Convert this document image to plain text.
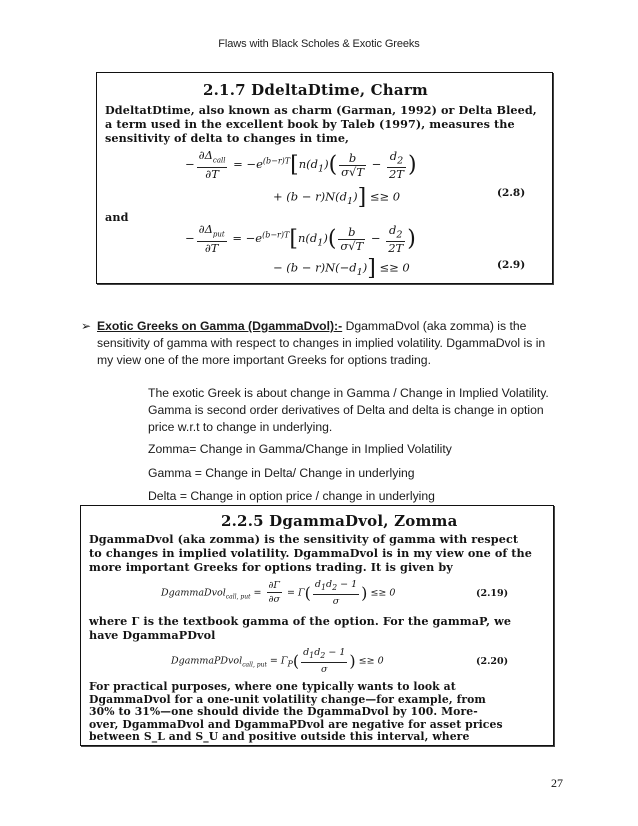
Flaws with Black Scholes & Exotic Greeks
2.1.7 DdeltaDtime, Charm
DdeltatDtime, also known as charm (Garman, 1992) or Delta Bleed,
a term used in the excellent book by Taleb (1997), measures the
sensitivity of delta to changes in time,
− $\frac{\partial\Delta_{call}}{\partial T} = -e^{(b-r)T}[n(d_1)( \frac{b}{\sigma√T} - \frac{d_2}{2T}$ )
+ $(b - r)N(d_1)] \le\ge 0$	(2.8)
and
− $\frac{\partial\Delta_{put}}{\partial T} = -e^{(b-r)T}[n(d_1)( \frac{b}{\sigma√T} - \frac{d_2}{2T}$ )
− $(b - r)N(-d_1)] \le\ge 0$	(2.9)
➢ Exotic Greeks on Gamma (DgammaDvol):- DgammaDvol (aka zomma) is the sensitivity of gamma with respect to changes in implied volatility. DgammaDvol is in my view one of the more important Greeks for options trading.
The exotic Greek is about change in Gamma / Change in Implied Volatility. Gamma is second order derivatives of Delta and delta is change in option price w.r.t to change in underlying.
Zomma= Change in Gamma/Change in Implied Volatility
Gamma = Change in Delta/ Change in underlying
Delta = Change in option price / change in underlying
2.2.5 DgammaDvol, Zomma
DgammaDvol (aka zomma) is the sensitivity of gamma with respect
to changes in implied volatility. DgammaDvol is in my view one of the
more important Greeks for options trading. It is given by
DgammaDvol$_{call, put}$ = $\frac{\partial\Gamma}{\partial\sigma} = \Gamma( \frac{d_1d_2 - 1}{\sigma}$ ) ≤≥ 0	(2.19)
where Γ is the textbook gamma of the option. For the gammaP, we
have DgammaPDvol
DgammaPDvol$_{call, put}$ = $\Gamma_P( \frac{d_1d_2 - 1}{\sigma}$ ) ≤≥ 0	(2.20)
For practical purposes, where one typically wants to look at
DgammaDvol for a one-unit volatility change—for example, from
30% to 31%—one should divide the DgammaDvol by 100. More-
over, DgammaDvol and DgammaPDvol are negative for asset prices
between S_L and S_U and positive outside this interval, where
27
